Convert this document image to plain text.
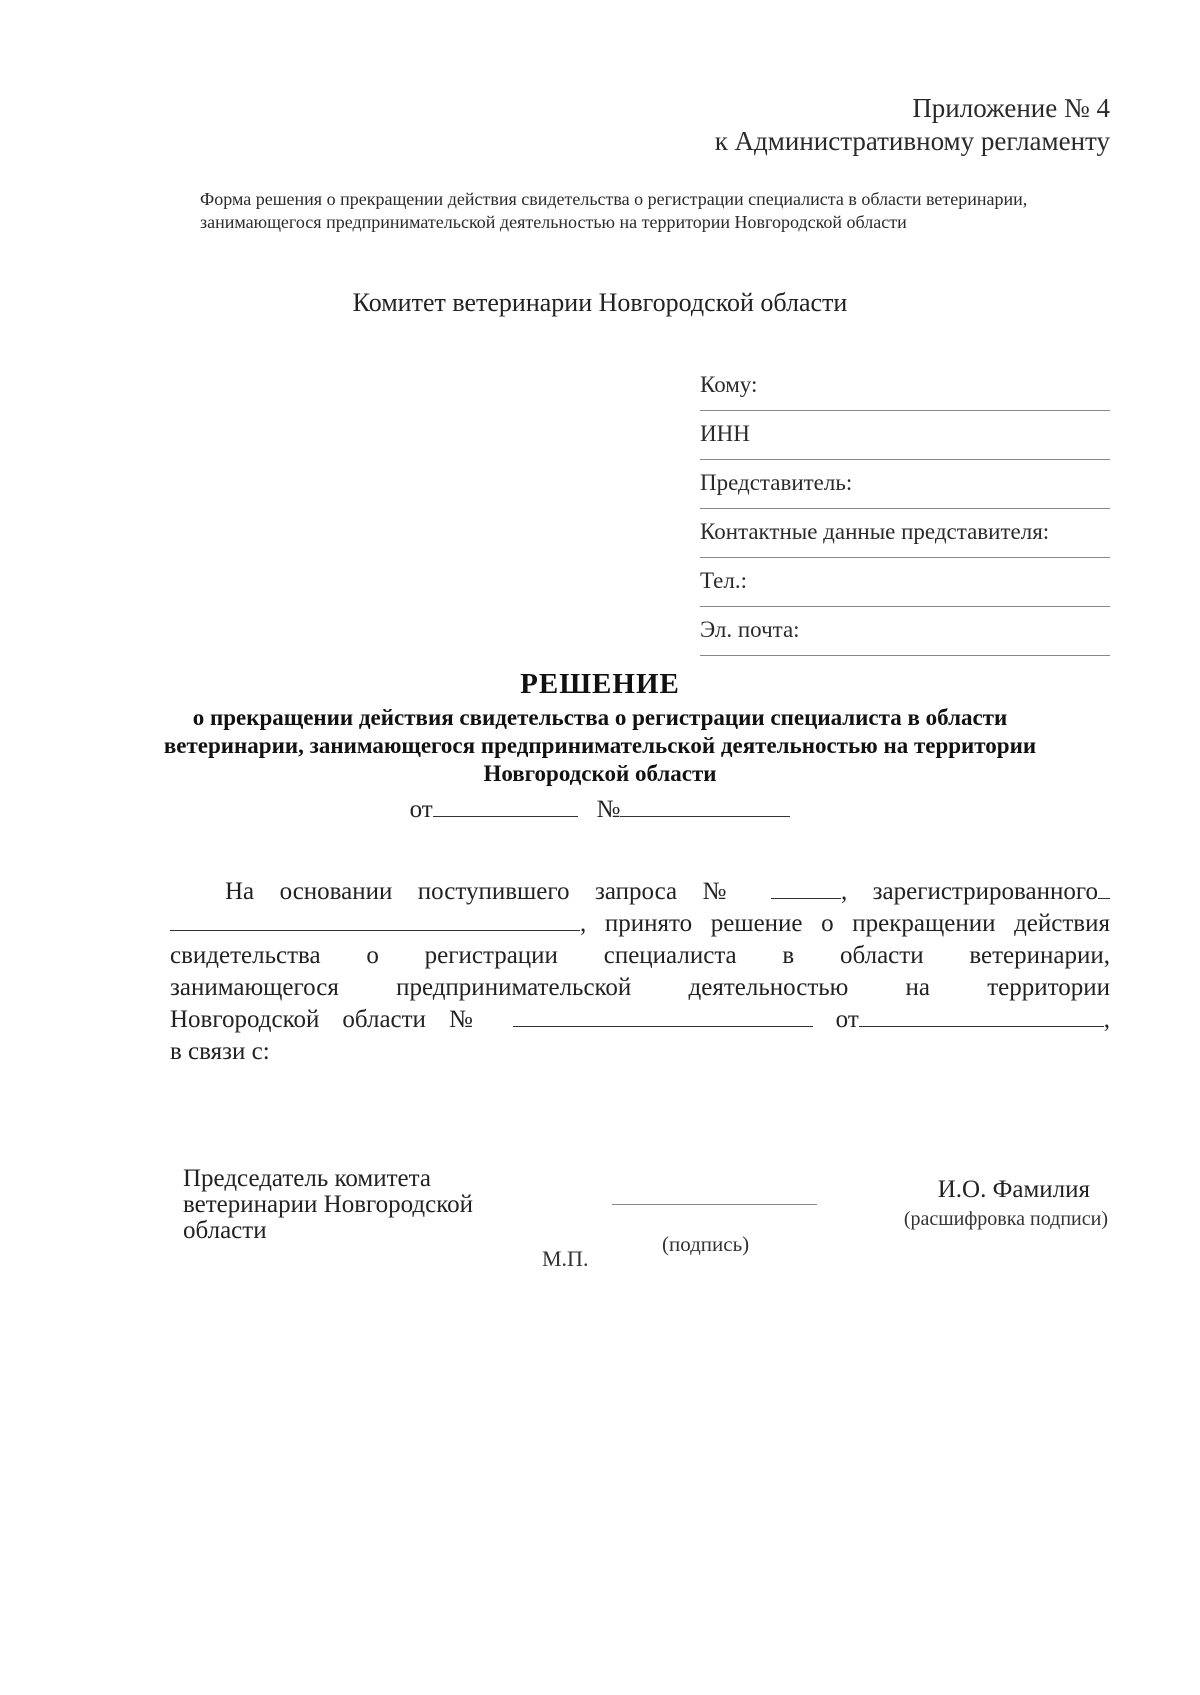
Приложение № 4
к Административному регламенту
Форма решения о прекращении действия свидетельства о регистрации специалиста в области ветеринарии, занимающегося предпринимательской деятельностью на территории Новгородской области
Комитет ветеринарии Новгородской области
Кому:
ИНН
Представитель:
Контактные данные представителя:
Тел.:
Эл. почта:
РЕШЕНИЕ
о прекращении действия свидетельства о регистрации специалиста в области ветеринарии, занимающегося предпринимательской деятельностью на территории Новгородской области
от	№

На основании поступившего запроса №	, зарегистрированного

, принято решение о прекращении действия

свидетельства о регистрации специалиста в области ветеринарии,

занимающегося предпринимательской деятельностью на территории

Новгородской области №	от	,

в связи с:

Председатель комитета
ветеринарии Новгородской
области	(подпись)
М.П.
И.О. Фамилия
(расшифровка подписи)
